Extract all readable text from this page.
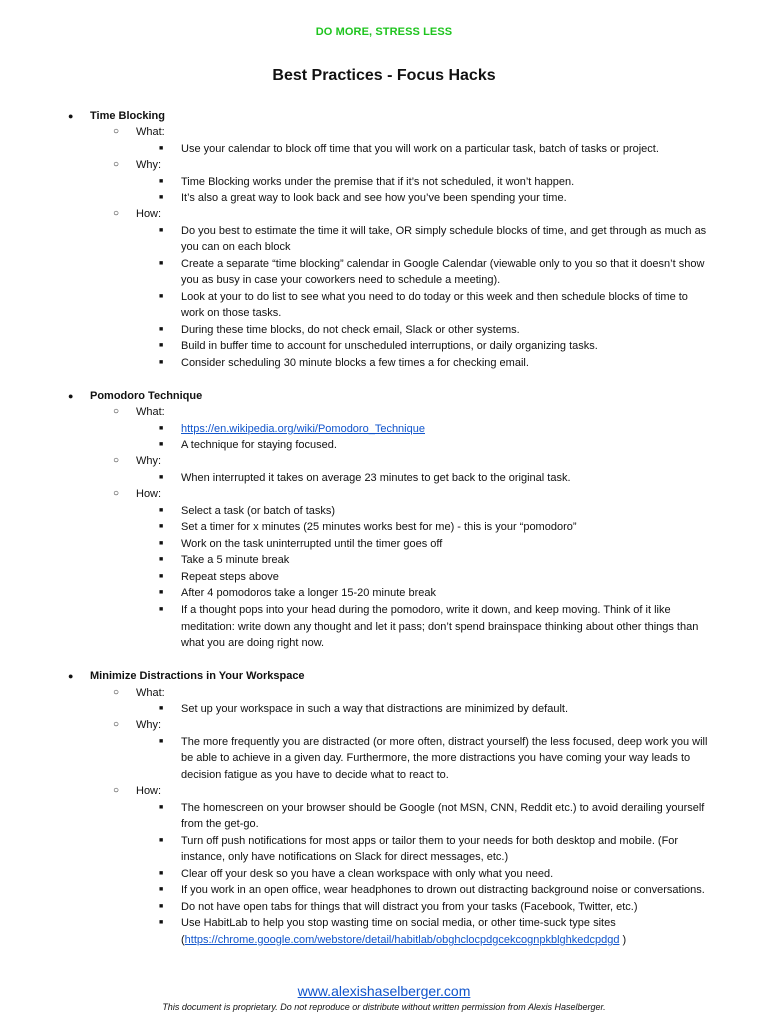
DO MORE, STRESS LESS
Best Practices - Focus Hacks
● Time Blocking
○ What:
■ Use your calendar to block off time that you will work on a particular task, batch of tasks or project.
○ Why:
■ Time Blocking works under the premise that if it’s not scheduled, it won’t happen.
■ It’s also a great way to look back and see how you’ve been spending your time.
○ How:
■ Do you best to estimate the time it will take, OR simply schedule blocks of time, and get through as much as
you can on each block
■ Create a separate “time blocking” calendar in Google Calendar (viewable only to you so that it doesn’t show
you as busy in case your coworkers need to schedule a meeting).
■ Look at your to do list to see what you need to do today or this week and then schedule blocks of time to
work on those tasks.
■ During these time blocks, do not check email, Slack or other systems.
■ Build in buffer time to account for unscheduled interruptions, or daily organizing tasks.
■ Consider scheduling 30 minute blocks a few times a for checking email.
● Pomodoro Technique
○ What:
■ https://en.wikipedia.org/wiki/Pomodoro_Technique
■ A technique for staying focused.
○ Why:
■ When interrupted it takes on average 23 minutes to get back to the original task.
○ How:
■ Select a task (or batch of tasks)
■ Set a timer for x minutes (25 minutes works best for me) - this is your “pomodoro”
■ Work on the task uninterrupted until the timer goes off
■ Take a 5 minute break
■ Repeat steps above
■ After 4 pomodoros take a longer 15-20 minute break
■ If a thought pops into your head during the pomodoro, write it down, and keep moving. Think of it like
meditation: write down any thought and let it pass; don’t spend brainspace thinking about other things than
what you are doing right now.
● Minimize Distractions in Your Workspace
○ What:
■ Set up your workspace in such a way that distractions are minimized by default.
○ Why:
■ The more frequently you are distracted (or more often, distract yourself) the less focused, deep work you will
be able to achieve in a given day. Furthermore, the more distractions you have coming your way leads to
decision fatigue as you have to decide what to react to.
○ How:
■ The homescreen on your browser should be Google (not MSN, CNN, Reddit etc.) to avoid derailing yourself
from the get-go.
■ Turn off push notifications for most apps or tailor them to your needs for both desktop and mobile. (For
instance, only have notifications on Slack for direct messages, etc.)
■ Clear off your desk so you have a clean workspace with only what you need.
■ If you work in an open office, wear headphones to drown out distracting background noise or conversations.
■ Do not have open tabs for things that will distract you from your tasks (Facebook, Twitter, etc.)
■ Use HabitLab to help you stop wasting time on social media, or other time-suck type sites
(https://chrome.google.com/webstore/detail/habitlab/obghclocpdgcekcognpkblghkedcpdgd )
www.alexishaselberger.com
This document is proprietary. Do not reproduce or distribute without written permission from Alexis Haselberger.
